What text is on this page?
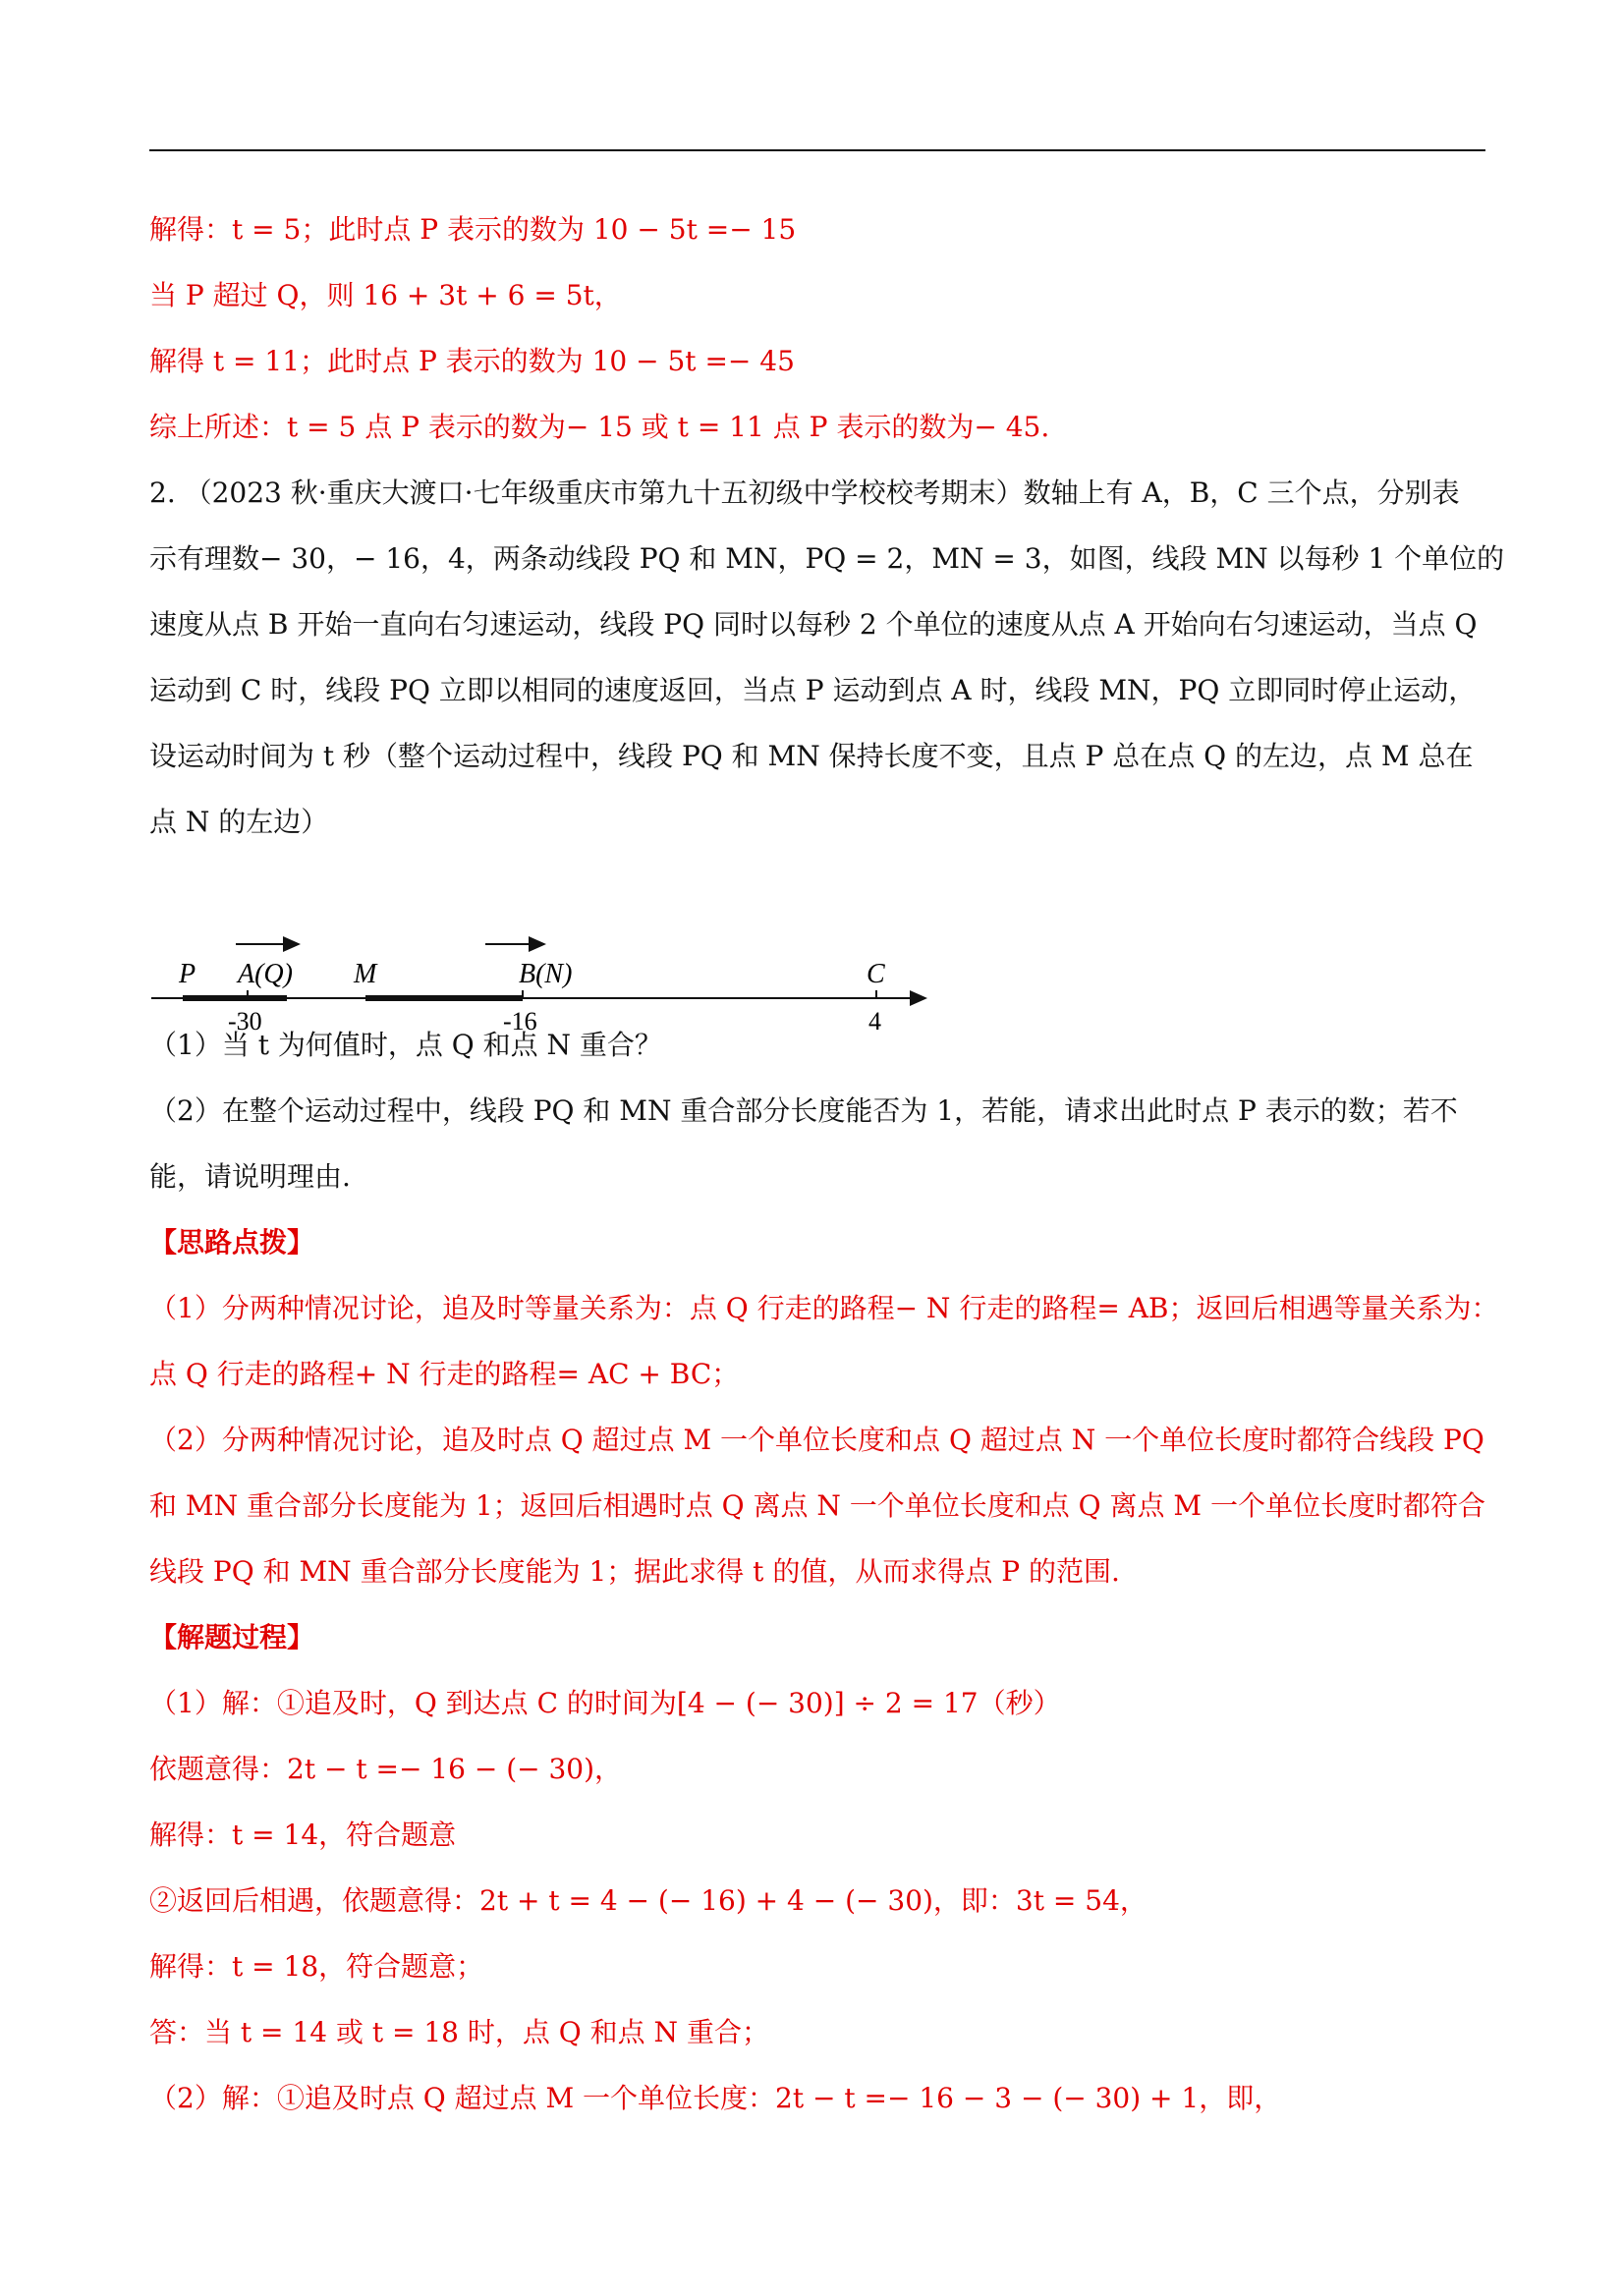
解得：t = 5；此时点 P 表示的数为 10 − 5t =− 15
当 P 超过 Q，则 16 + 3t + 6 = 5t，
解得 t = 11；此时点 P 表示的数为 10 − 5t =− 45
综上所述：t = 5 点 P 表示的数为− 15 或 t = 11 点 P 表示的数为− 45.
2. （2023 秋·重庆大渡口·七年级重庆市第九十五初级中学校校考期末）数轴上有 A，B，C 三个点，分别表
示有理数− 30，− 16，4，两条动线段 PQ 和 MN，PQ = 2，MN = 3，如图，线段 MN 以每秒 1 个单位的
速度从点 B 开始一直向右匀速运动，线段 PQ 同时以每秒 2 个单位的速度从点 A 开始向右匀速运动，当点 Q
运动到 C 时，线段 PQ 立即以相同的速度返回，当点 P 运动到点 A 时，线段 MN，PQ 立即同时停止运动，
设运动时间为 t 秒（整个运动过程中，线段 PQ 和 MN 保持长度不变，且点 P 总在点 Q 的左边，点 M 总在
点 N 的左边）
P A(Q) M	B(N)	C
-30	-16	4
（1）当 t 为何值时，点 Q 和点 N 重合？
（2）在整个运动过程中，线段 PQ 和 MN 重合部分长度能否为 1，若能，请求出此时点 P 表示的数；若不
能，请说明理由.
【思路点拨】
（1）分两种情况讨论，追及时等量关系为：点 Q 行走的路程− N 行走的路程= AB；返回后相遇等量关系为：
点 Q 行走的路程+ N 行走的路程= AC + BC；
（2）分两种情况讨论，追及时点 Q 超过点 M 一个单位长度和点 Q 超过点 N 一个单位长度时都符合线段 PQ
和 MN 重合部分长度能为 1；返回后相遇时点 Q 离点 N 一个单位长度和点 Q 离点 M 一个单位长度时都符合
线段 PQ 和 MN 重合部分长度能为 1；据此求得 t 的值，从而求得点 P 的范围.
【解题过程】
（1）解：①追及时，Q 到达点 C 的时间为[4 − (− 30)] ÷ 2 = 17（秒）
依题意得：2t − t =− 16 − (− 30)，
解得：t = 14，符合题意
②返回后相遇，依题意得：2t + t = 4 − (− 16) + 4 − (− 30)，即：3t = 54，
解得：t = 18，符合题意；
答：当 t = 14 或 t = 18 时，点 Q 和点 N 重合；
（2）解：①追及时点 Q 超过点 M 一个单位长度：2t − t =− 16 − 3 − (− 30) + 1，即，
